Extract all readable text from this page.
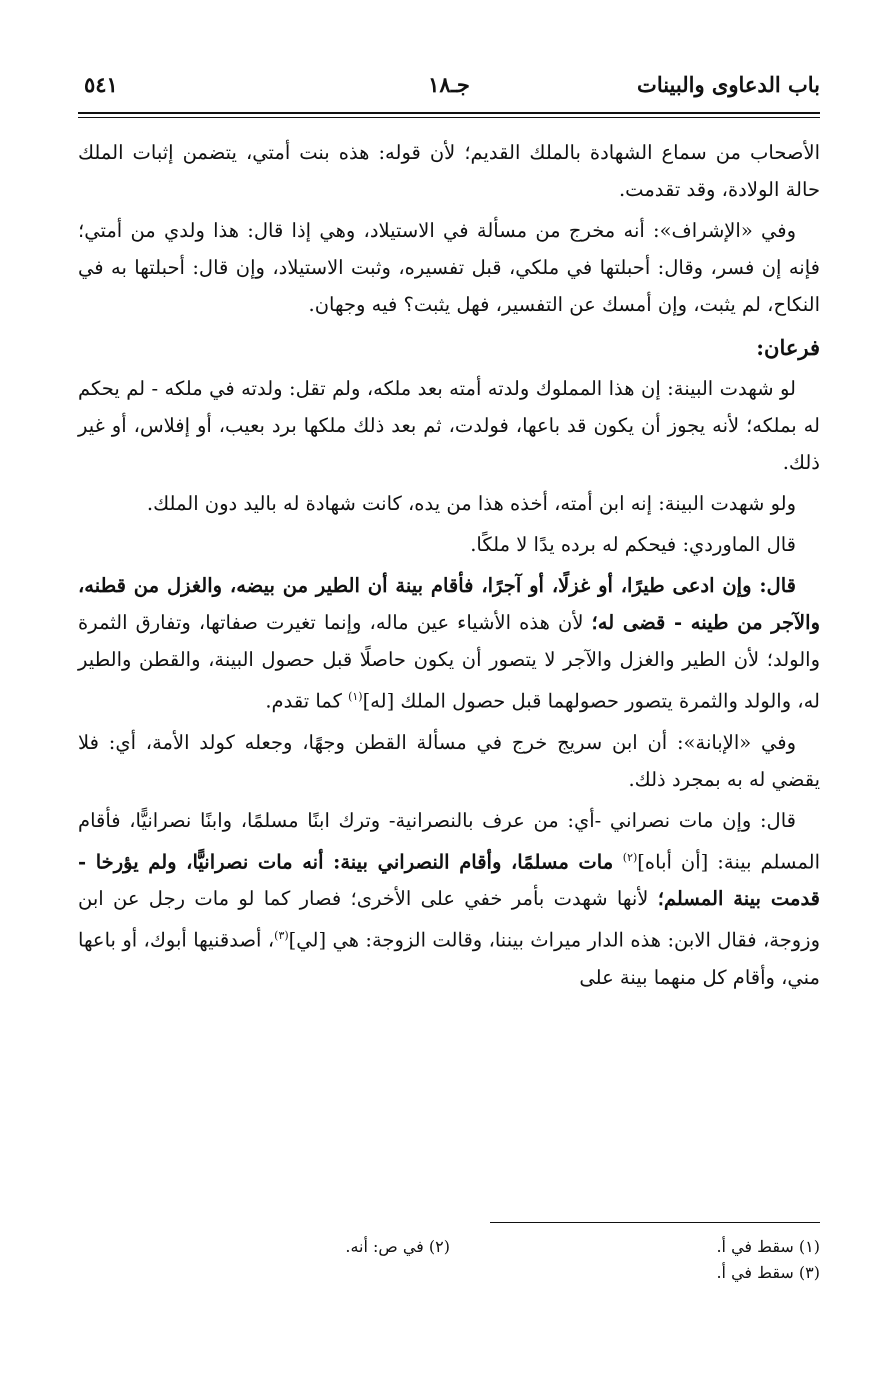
باب الدعاوى والبينات
جـ١٨
٥٤١

الأصحاب من سماع الشهادة بالملك القديم؛ لأن قوله: هذه بنت أمتي، يتضمن إثبات الملك حالة الولادة، وقد تقدمت.

وفي «الإشراف»: أنه مخرج من مسألة في الاستيلاد، وهي إذا قال: هذا ولدي من أمتي؛ فإنه إن فسر، وقال: أحبلتها في ملكي، قبل تفسيره، وثبت الاستيلاد، وإن قال: أحبلتها به في النكاح، لم يثبت، وإن أمسك عن التفسير، فهل يثبت؟ فيه وجهان.

فرعان:

لو شهدت البينة: إن هذا المملوك ولدته أمته بعد ملكه، ولم تقل: ولدته في ملكه - لم يحكم له بملكه؛ لأنه يجوز أن يكون قد باعها، فولدت، ثم بعد ذلك ملكها برد بعيب، أو إفلاس، أو غير ذلك.

ولو شهدت البينة: إنه ابن أمته، أخذه هذا من يده، كانت شهادة له باليد دون الملك.

قال الماوردي: فيحكم له برده يدًا لا ملكًا.

قال: وإن ادعى طيرًا، أو غزلًا، أو آجرًا، فأقام بينة أن الطير من بيضه، والغزل من قطنه، والآجر من طينه - قضى له؛ لأن هذه الأشياء عين ماله، وإنما تغيرت صفاتها، وتفارق الثمرة والولد؛ لأن الطير والغزل والآجر لا يتصور أن يكون حاصلًا قبل حصول البينة، والقطن والطير له، والولد والثمرة يتصور حصولهما قبل حصول الملك [له]$^{(١)}$ كما تقدم.

وفي «الإبانة»: أن ابن سريج خرج في مسألة القطن وجهًا، وجعله كولد الأمة، أي: فلا يقضي له به بمجرد ذلك.

قال: وإن مات نصراني -أي: من عرف بالنصرانية- وترك ابنًا مسلمًا، وابنًا نصرانيًّا، فأقام المسلم بينة: [أن أباه]$^{(٢)}$ مات مسلمًا، وأقام النصراني بينة: أنه مات نصرانيًّا، ولم يؤرخا - قدمت بينة المسلم؛ لأنها شهدت بأمر خفي على الأخرى؛ فصار كما لو مات رجل عن ابن وزوجة، فقال الابن: هذه الدار ميراث بيننا، وقالت الزوجة: هي [لي]$^{(٣)}$، أصدقنيها أبوك، أو باعها مني، وأقام كل منهما بينة على

(١) سقط في أ.
(٢) في ص: أنه.
(٣) سقط في أ.
